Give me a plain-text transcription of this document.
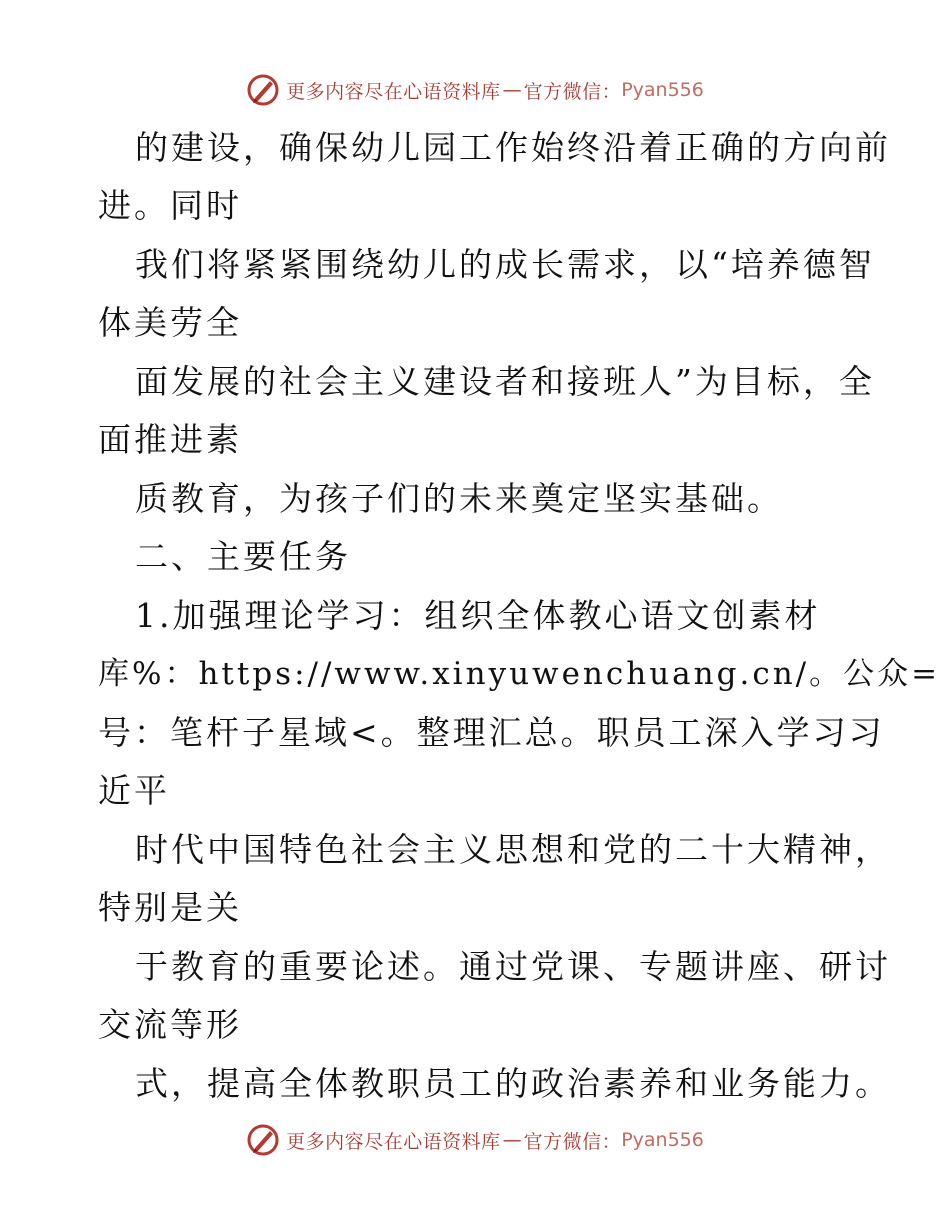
更多内容尽在心语资料库 — 官方微信： Pyan556
的建设，确保幼儿园工作始终沿着正确的方向前
进。同时
我们将紧紧围绕幼儿的成长需求，以“培养德智
体美劳全
面发展的社会主义建设者和接班人”为目标，全
面推进素
质教育，为孩子们的未来奠定坚实基础。
二、主要任务
1.加强理论学习：组织全体教心语文创素材
库%：https://www.xinyuwenchuang.cn/。公众=
号：笔杆子星域<。整理汇总。职员工深入学习习
近平
时代中国特色社会主义思想和党的二十大精神，
特别是关
于教育的重要论述。通过党课、专题讲座、研讨
交流等形
式，提高全体教职员工的政治素养和业务能力。
更多内容尽在心语资料库 — 官方微信： Pyan556
